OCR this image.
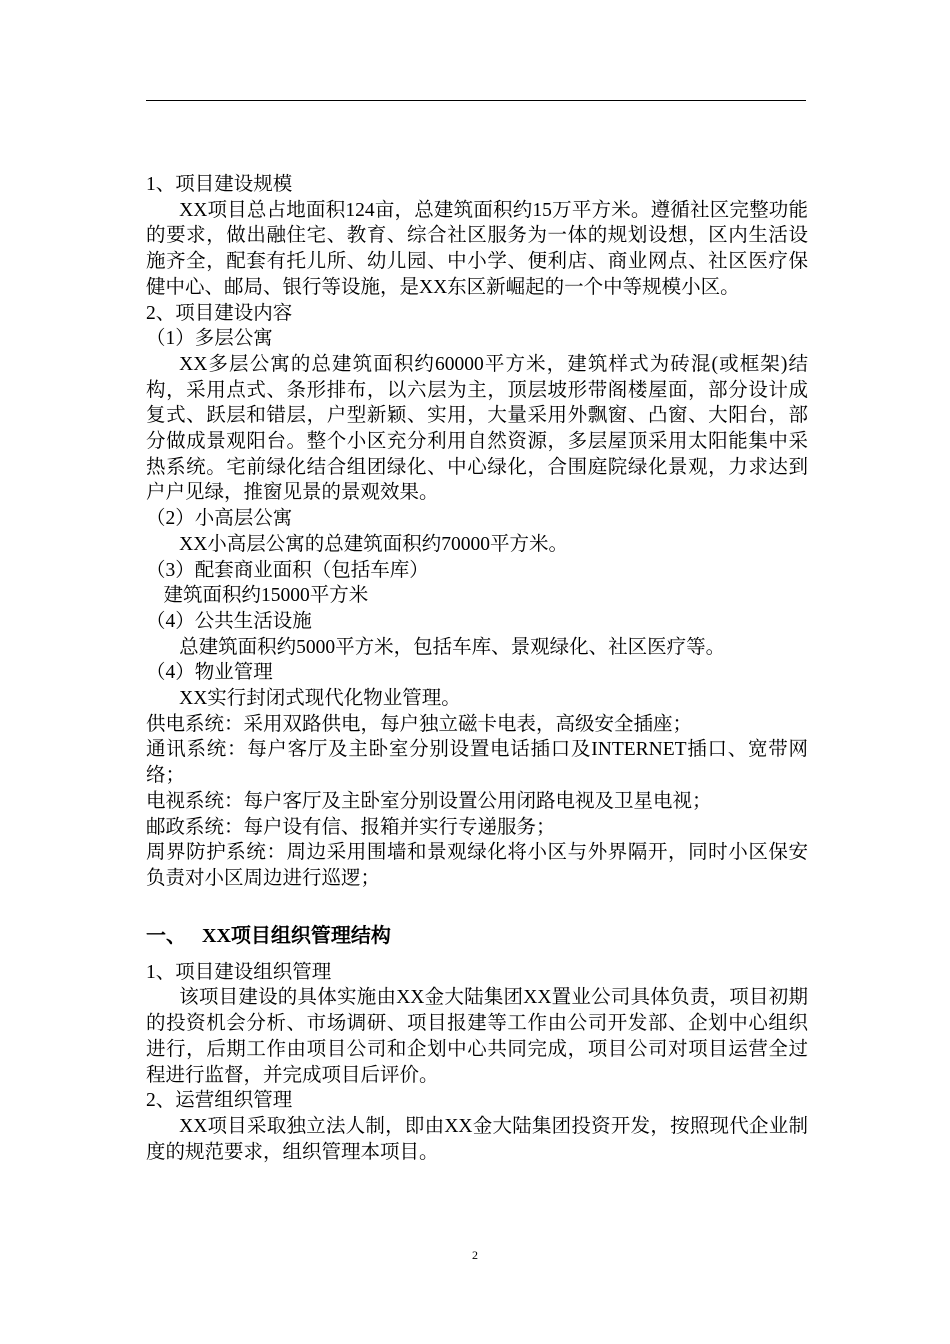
1、项目建设规模

XX项目总占地面积124亩，总建筑面积约15万平方米。遵循社区完整功能的要求，做出融住宅、教育、综合社区服务为一体的规划设想，区内生活设施齐全，配套有托儿所、幼儿园、中小学、便利店、商业网点、社区医疗保健中心、邮局、银行等设施，是XX东区新崛起的一个中等规模小区。

2、项目建设内容

（1）多层公寓

XX多层公寓的总建筑面积约60000平方米，建筑样式为砖混(或框架)结构，采用点式、条形排布，以六层为主，顶层坡形带阁楼屋面，部分设计成复式、跃层和错层，户型新颖、实用，大量采用外飘窗、凸窗、大阳台，部分做成景观阳台。整个小区充分利用自然资源，多层屋顶采用太阳能集中采热系统。宅前绿化结合组团绿化、中心绿化，合围庭院绿化景观，力求达到户户见绿，推窗见景的景观效果。

（2）小高层公寓

XX小高层公寓的总建筑面积约70000平方米。

（3）配套商业面积（包括车库）

建筑面积约15000平方米

（4）公共生活设施

总建筑面积约5000平方米，包括车库、景观绿化、社区医疗等。

（4）物业管理

XX实行封闭式现代化物业管理。

供电系统：采用双路供电，每户独立磁卡电表，高级安全插座；

通讯系统：每户客厅及主卧室分别设置电话插口及INTERNET插口、宽带网络；

电视系统：每户客厅及主卧室分别设置公用闭路电视及卫星电视；

邮政系统：每户设有信、报箱并实行专递服务；

周界防护系统：周边采用围墙和景观绿化将小区与外界隔开，同时小区保安负责对小区周边进行巡逻；

一、 XX项目组织管理结构

1、项目建设组织管理

该项目建设的具体实施由XX金大陆集团XX置业公司具体负责，项目初期的投资机会分析、市场调研、项目报建等工作由公司开发部、企划中心组织进行，后期工作由项目公司和企划中心共同完成，项目公司对项目运营全过程进行监督，并完成项目后评价。

2、运营组织管理

XX项目采取独立法人制，即由XX金大陆集团投资开发，按照现代企业制度的规范要求，组织管理本项目。

2
